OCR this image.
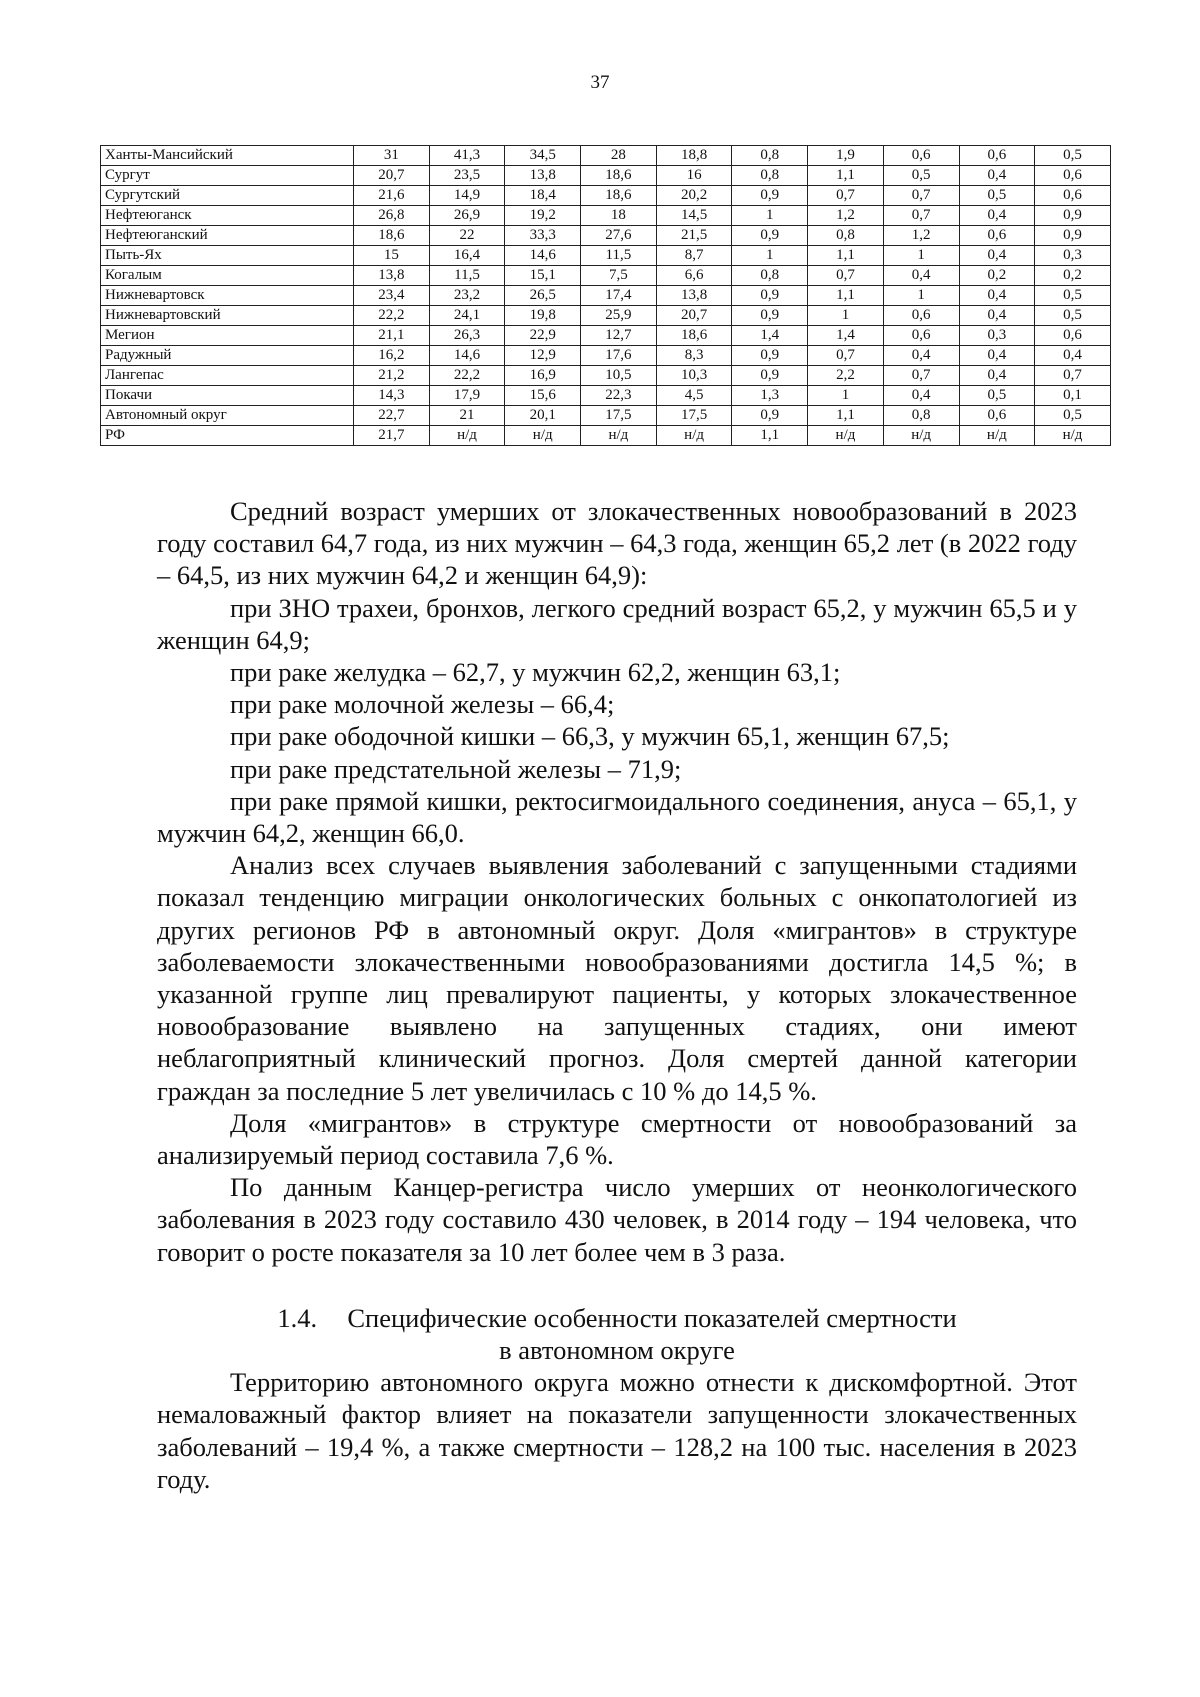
37
Ханты-Мансийский	31	41,3	34,5	28	18,8	0,8	1,9	0,6	0,6	0,5
Сургут	20,7	23,5	13,8	18,6	16	0,8	1,1	0,5	0,4	0,6
Сургутский	21,6	14,9	18,4	18,6	20,2	0,9	0,7	0,7	0,5	0,6
Нефтеюганск	26,8	26,9	19,2	18	14,5	1	1,2	0,7	0,4	0,9
Нефтеюганский	18,6	22	33,3	27,6	21,5	0,9	0,8	1,2	0,6	0,9
Пыть-Ях	15	16,4	14,6	11,5	8,7	1	1,1	1	0,4	0,3
Когалым	13,8	11,5	15,1	7,5	6,6	0,8	0,7	0,4	0,2	0,2
Нижневартовск	23,4	23,2	26,5	17,4	13,8	0,9	1,1	1	0,4	0,5
Нижневартовский	22,2	24,1	19,8	25,9	20,7	0,9	1	0,6	0,4	0,5
Мегион	21,1	26,3	22,9	12,7	18,6	1,4	1,4	0,6	0,3	0,6
Радужный	16,2	14,6	12,9	17,6	8,3	0,9	0,7	0,4	0,4	0,4
Лангепас	21,2	22,2	16,9	10,5	10,3	0,9	2,2	0,7	0,4	0,7
Покачи	14,3	17,9	15,6	22,3	4,5	1,3	1	0,4	0,5	0,1
Автономный округ	22,7	21	20,1	17,5	17,5	0,9	1,1	0,8	0,6	0,5
РФ	21,7	н/д	н/д	н/д	н/д	1,1	н/д	н/д	н/д	н/д

Средний возраст умерших от злокачественных новообразований в 2023 году составил 64,7 года, из них мужчин – 64,3 года, женщин 65,2 лет (в 2022 году – 64,5, из них мужчин 64,2 и женщин 64,9):

при ЗНО трахеи, бронхов, легкого средний возраст 65,2, у мужчин 65,5 и у женщин 64,9;

при раке желудка – 62,7, у мужчин 62,2, женщин 63,1;

при раке молочной железы – 66,4;

при раке ободочной кишки – 66,3, у мужчин 65,1, женщин 67,5;

при раке предстательной железы – 71,9;

при раке прямой кишки, ректосигмоидального соединения, ануса – 65,1, у мужчин 64,2, женщин 66,0.

Анализ всех случаев выявления заболеваний с запущенными стадиями показал тенденцию миграции онкологических больных с онкопатологией из других регионов РФ в автономный округ. Доля «мигрантов» в структуре заболеваемости злокачественными новообразованиями достигла 14,5 %; в указанной группе лиц превалируют пациенты, у которых злокачественное новообразование выявлено на запущенных стадиях, они имеют неблагоприятный клинический прогноз. Доля смертей данной категории граждан за последние 5 лет увеличилась с 10 % до 14,5 %.

Доля «мигрантов» в структуре смертности от новообразований за анализируемый период составила 7,6 %.

По данным Канцер-регистра число умерших от неонкологического заболевания в 2023 году составило 430 человек, в 2014 году – 194 человека, что говорит о росте показателя за 10 лет более чем в 3 раза.

1.4. Специфические особенности показателей смертности

в автономном округе

Территорию автономного округа можно отнести к дискомфортной. Этот немаловажный фактор влияет на показатели запущенности злокачественных заболеваний – 19,4 %, а также смертности – 128,2 на 100 тыс. населения в 2023 году.
